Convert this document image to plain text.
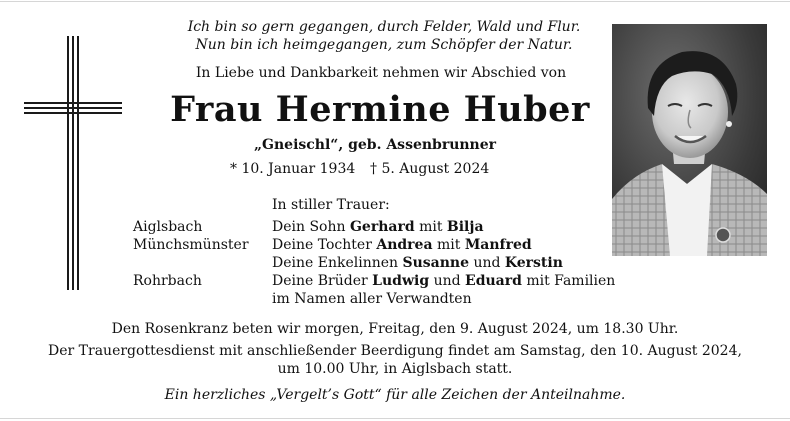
Ich bin so gern gegangen, durch Felder, Wald und Flur.
Nun bin ich heimgegangen, zum Schöpfer der Natur.
In Liebe und Dankbarkeit nehmen wir Abschied von
Frau Hermine Huber
„Gneischl“, geb. Assenbrunner
* 10. Januar 1934 † 5. August 2024
In stiller Trauer:
Aiglsbach	Dein Sohn Gerhard mit Bilja
Münchsmünster Deine Tochter Andrea mit Manfred
Deine Enkelinnen Susanne und Kerstin
Rohrbach	Deine Brüder Ludwig und Eduard mit Familien
im Namen aller Verwandten
Den Rosenkranz beten wir morgen, Freitag, den 9. August 2024, um 18.30 Uhr.
Der Trauergottesdienst mit anschließender Beerdigung findet am Samstag, den 10. August 2024,
um 10.00 Uhr, in Aiglsbach statt.
Ein herzliches „Vergelt’s Gott“ für alle Zeichen der Anteilnahme.
